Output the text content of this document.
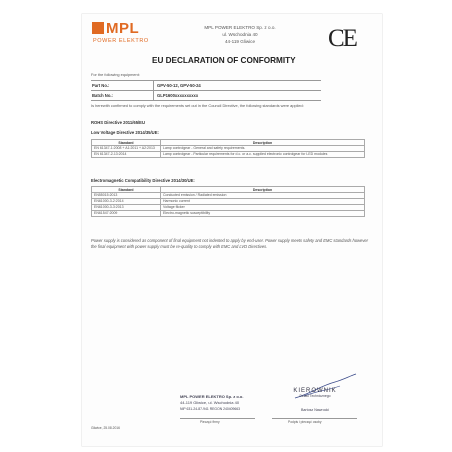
MPL
POWER ELEKTRO
MPL POWER ELEKTRO Sp. z o.o.
ul. Wschodnia 40
44-119 Gliwice	CE
EU DECLARATION OF CONFORMITY
For the following equipment:
Part No.:	GPV-50-12, GPV-50-24
Batch No.:	GLP1600xxxxxxxxxx
Is herewith confirmed to comply with the requirements set out in the Council Directive, the following standards were applied:
ROHS Directive 2011/65/EU
Low Voltage Directive 2014/35/UE:
Standard	Description
EN 61347-1:2008 + A1:2011 + A2:2013	Lamp controlgear - General and safety requirements.
EN 61347-2-13:2014	Lamp controlgear - Particular requirements for d.c. or a.c. supplied electronic controlgear for LED modules
Electromagnetic Compatibility Directive 2014/30/UE:
Standard	Description
EN55015:2013	Conducted emission / Radiated emission
EN61000-3-2:2014	Harmonic current
EN61000-3-3:2013	Voltage flicker
EN61547:2009	Electro-magnetic susceptibility
Power supply is considered as component of final equipment not indented to apply by end-user. Power supply meets safety and EMC standards however the final equipment with power supply must be re-quality to comply with EMC and LVD Directives.
MPL POWER ELEKTRO Sp. z o.o.
44-119 Gliwice, ul. Wschodnia 40
NIP 631-24-87-941 REGON 240409663
Pieczęć firmy
KIEROWNIK
Działu Technicznego
Bartosz Nawrocki
Podpis i pieczęć osoby
Gliwice, 25.08.2016
